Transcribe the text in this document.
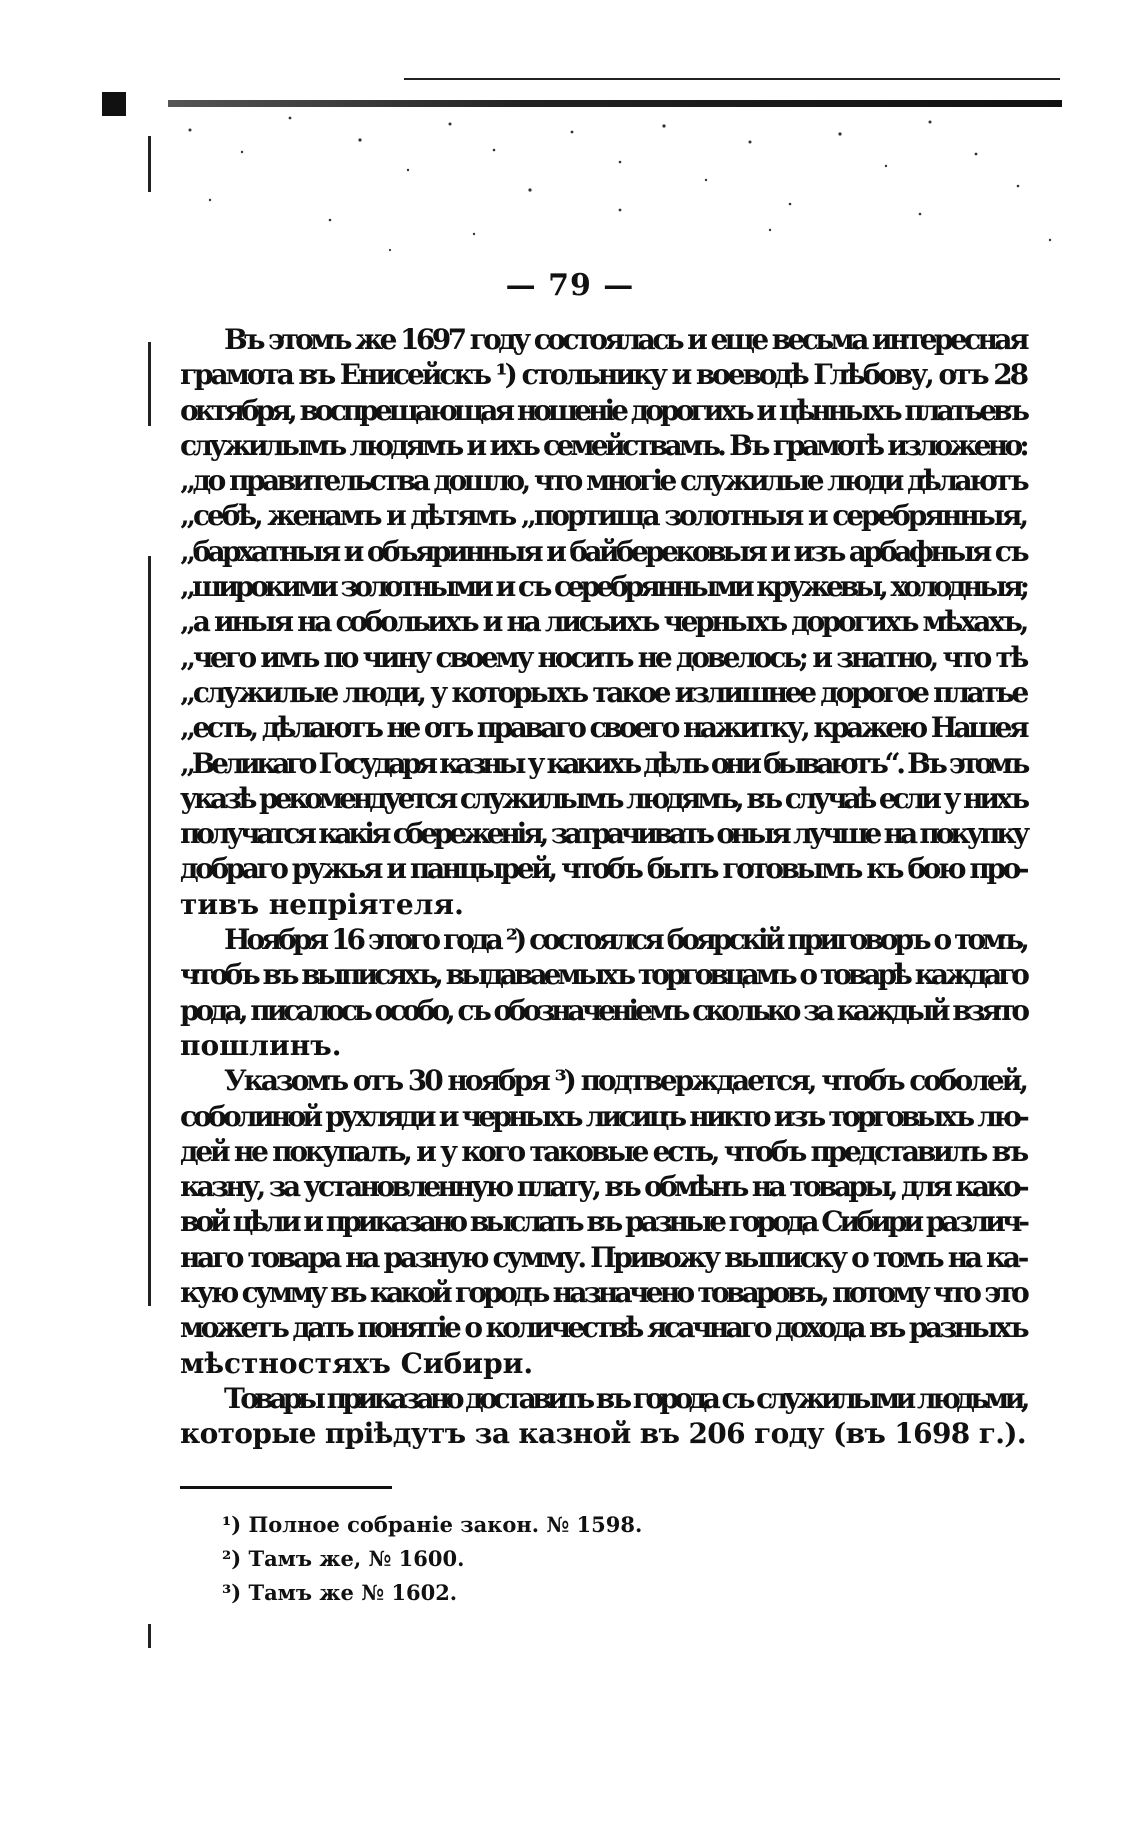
— 79 —
Въ этомъ же 1697 году состоялась и еще весьма интересная
грамота въ Енисейскъ ¹) стольнику и воеводѣ Глѣбову, отъ 28
октября, воспрещающая ношеніе дорогихъ и цѣнныхъ платьевъ
служилымъ людямъ и ихъ семействамъ. Въ грамотѣ изложено:
„до правительства дошло, что многіе служилые люди дѣлаютъ
„себѣ, женамъ и дѣтямъ „портища золотныя и серебрянныя,
„бархатныя и объяринныя и байберековыя и изъ арбафныя съ
„широкими золотными и съ серебрянными кружевы, холодныя;
„а иныя на собольихъ и на лисьихъ черныхъ дорогихъ мѣхахъ,
„чего имъ по чину своему носить не довелось; и знатно, что тѣ
„служилые люди, у которыхъ такое излишнее дорогое платье
„есть, дѣлаютъ не отъ праваго своего нажитку, кражею Нашея
„Великаго Государя казны у какихъ дѣлъ они бываютъ“. Въ этомъ
указѣ рекомендуется служилымъ людямъ, въ случаѣ если у нихъ
получатся какія сбереженія, затрачивать оныя лучше на покупку
добраго ружья и панцырей, чтобъ быть готовымъ къ бою про-
тивъ непріятеля.
Ноября 16 этого года ²) состоялся боярскій приговоръ о томъ,
чтобъ въ выписяхъ, выдаваемыхъ торговцамъ о товарѣ каждаго
рода, писалось особо, съ обозначеніемъ сколько за каждый взято
пошлинъ.
Указомъ отъ 30 ноября ³) подтверждается, чтобъ соболей,
соболиной рухляди и черныхъ лисицъ никто изъ торговыхъ лю-
дей не покупалъ, и у кого таковые есть, чтобъ представилъ въ
казну, за установленную плату, въ обмѣнъ на товары, для како-
вой цѣли и приказано выслать въ разные города Сибири различ-
наго товара на разную сумму. Привожу выписку о томъ на ка-
кую сумму въ какой городъ назначено товаровъ, потому что это
можетъ дать понятіе о количествѣ ясачнаго дохода въ разныхъ
мѣстностяхъ Сибири.
Товары приказано доставить въ города съ служилыми людьми,
которые пріѣдутъ за казной въ 206 году (въ 1698 г.).
¹) Полное собраніе закон. № 1598.
²) Тамъ же, № 1600.
³) Тамъ же № 1602.
